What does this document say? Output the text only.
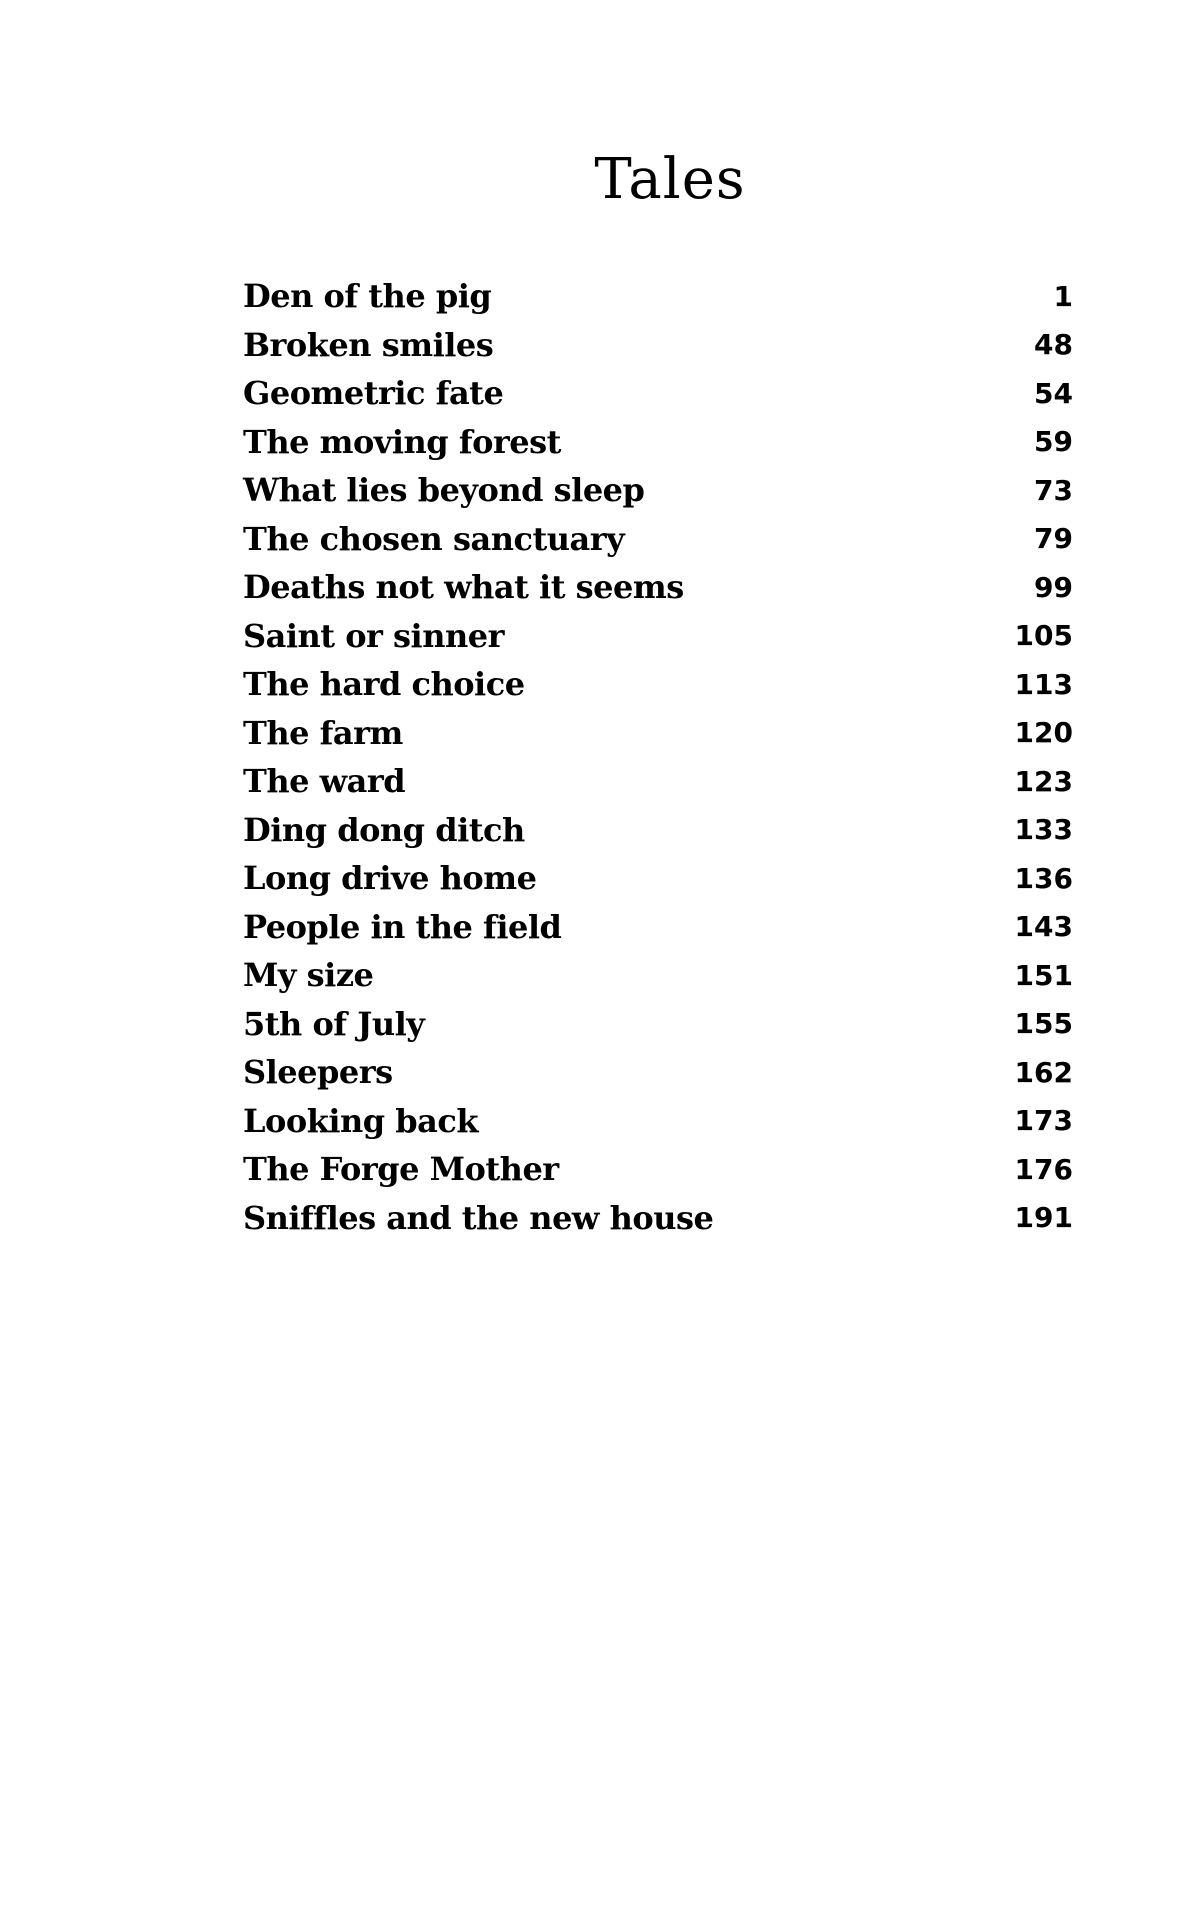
Tales
Den of the pig	1
Broken smiles	48
Geometric fate	54
The moving forest	59
What lies beyond sleep	73
The chosen sanctuary	79
Deaths not what it seems	99
Saint or sinner	105
The hard choice	113
The farm	120
The ward	123
Ding dong ditch	133
Long drive home	136
People in the field	143
My size	151
5th of July	155
Sleepers	162
Looking back	173
The Forge Mother	176
Sniffles and the new house	191
